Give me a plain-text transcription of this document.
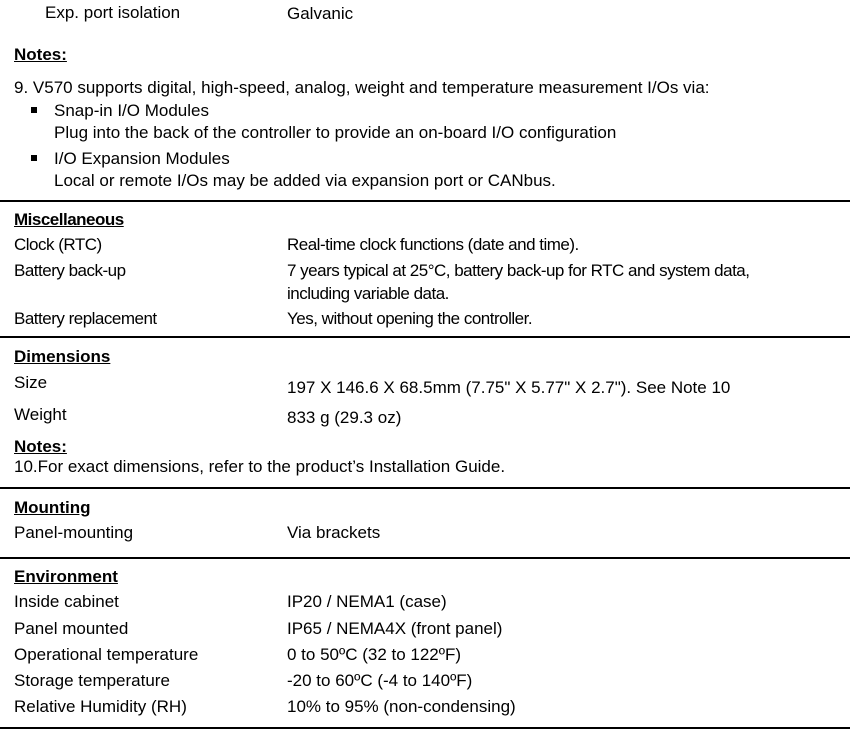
Exp. port isolation	Galvanic
Notes:
9. V570 supports digital, high-speed, analog, weight and temperature measurement I/Os via:
Snap-in I/O Modules
Plug into the back of the controller to provide an on-board I/O configuration
I/O Expansion Modules
Local or remote I/Os may be added via expansion port or CANbus.
Miscellaneous
Clock (RTC)	Real-time clock functions (date and time).
Battery back-up	7 years typical at 25°C, battery back-up for RTC and system data,
including variable data.
Battery replacement	Yes, without opening the controller.
Dimensions
Size	197 X 146.6 X 68.5mm (7.75" X 5.77" X 2.7"). See Note 10
Weight	833 g (29.3 oz)
Notes:
10.For exact dimensions, refer to the product’s Installation Guide.
Mounting
Panel-mounting	Via brackets
Environment
Inside cabinet	IP20 / NEMA1 (case)
Panel mounted	IP65 / NEMA4X (front panel)
Operational temperature	0 to 50ºC (32 to 122ºF)
Storage temperature	-20 to 60ºC (-4 to 140ºF)
Relative Humidity (RH)	10% to 95% (non-condensing)
